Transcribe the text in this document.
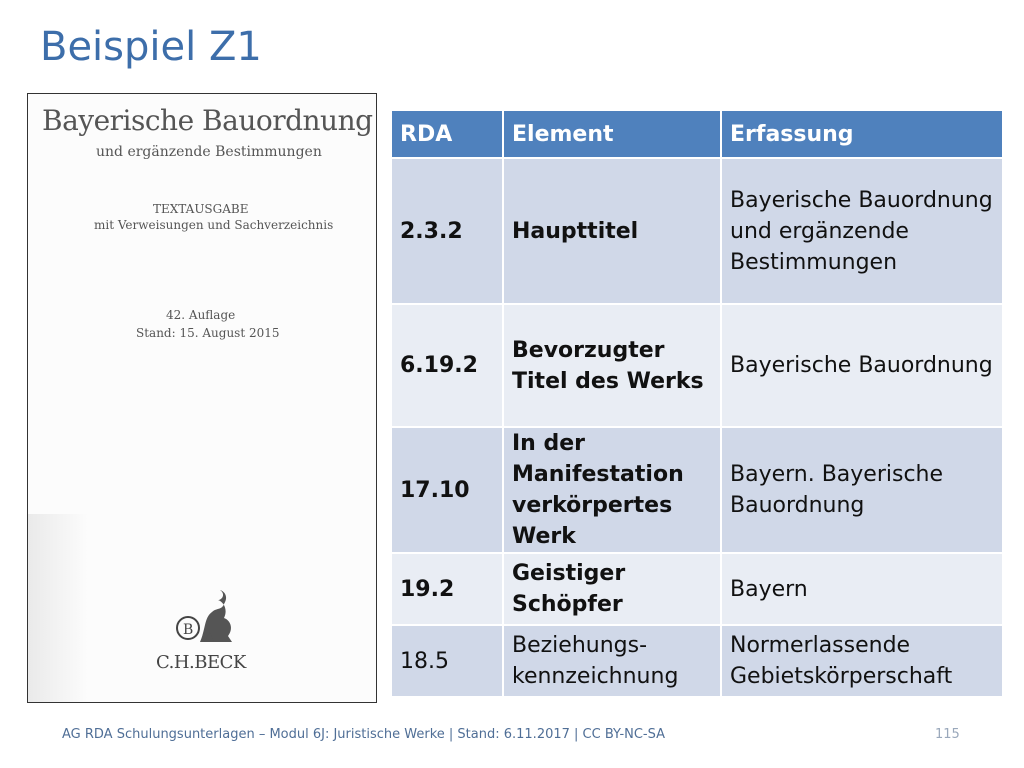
Beispiel Z1
Bayerische Bauordnung
und ergänzende Bestimmungen
TEXTAUSGABE
mit Verweisungen und Sachverzeichnis
42. Auflage
Stand: 15. August 2015
B
C.H.BECK
RDA	Element	Erfassung
2.3.2	Haupttitel	Bayerische Bauordnung und ergänzende Bestimmungen
6.19.2	Bevorzugter Titel des Werks	Bayerische Bauordnung
17.10	In der Manifestation verkörpertes Werk	Bayern. Bayerische Bauordnung
19.2	Geistiger Schöpfer	Bayern
18.5	Beziehungs-kennzeichnung	Normerlassende Gebietskörperschaft
AG RDA Schulungsunterlagen – Modul 6J: Juristische Werke | Stand: 6.11.2017 | CC BY-NC-SA	115
